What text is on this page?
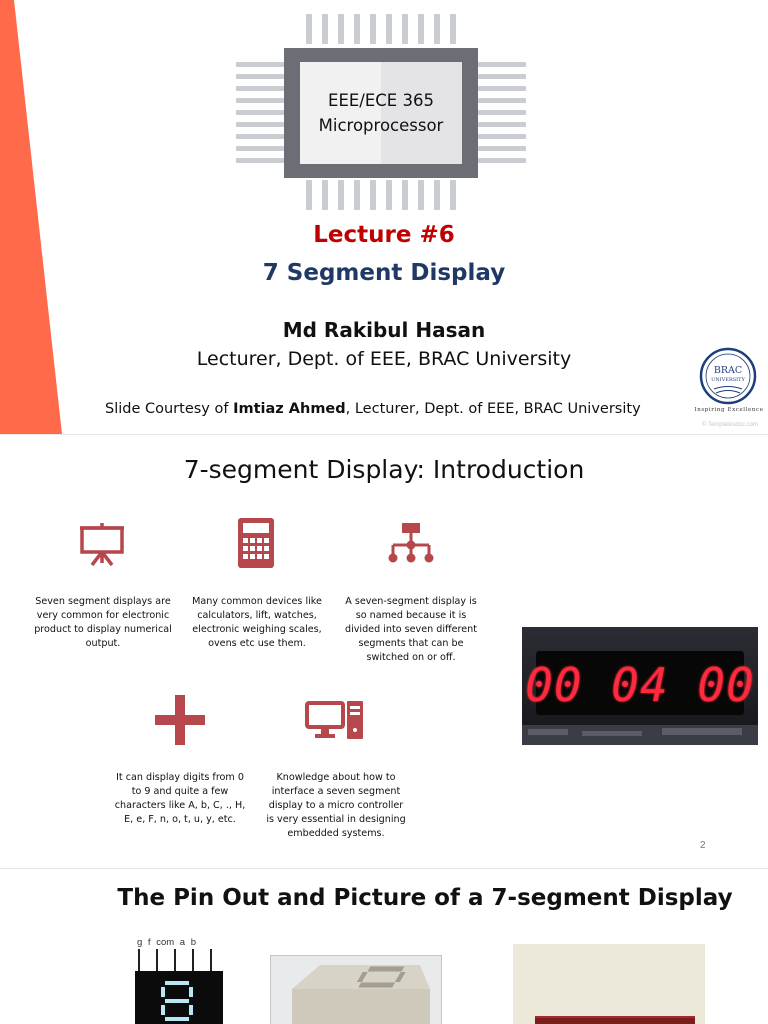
EEE/ECE 365
Microprocessor
Lecture #6
7 Segment Display
Md Rakibul Hasan
Lecturer, Dept. of EEE, BRAC University
Slide Courtesy of Imtiaz Ahmed, Lecturer, Dept. of EEE, BRAC University
BRAC
UNIVERSITY
Inspiring Excellence
© Templatesdoc.com
7-segment Display: Introduction
Seven segment displays are very common for electronic product to display numerical output.
Many common devices like calculators, lift, watches, electronic weighing scales, ovens etc use them.
A seven-segment display is so named because it is divided into seven different segments that can be switched on or off.
It can display digits from 0 to 9 and quite a few characters like A, b, C, ., H, E, e, F, n, o, t, u, y, etc.
Knowledge about how to interface a seven segment display to a micro controller is very essential in designing embedded systems.
00 04 00
2
The Pin Out and Picture of a 7-segment Display
g f com a b
